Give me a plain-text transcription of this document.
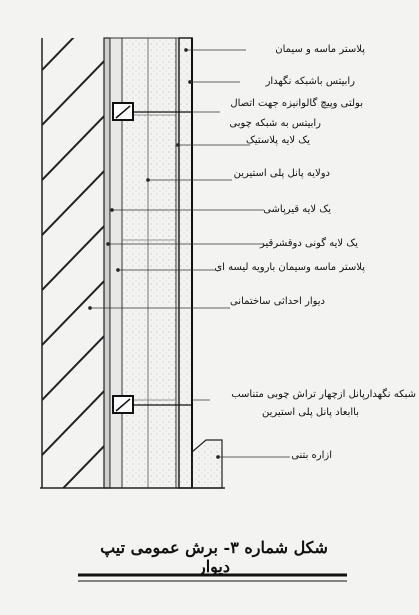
پلاستر ماسه و سیمان
رابیتس باشبکه نگهدار
بولتی وپیچ گالوانیزه جهت اتصال
رابیتس به شبکه چوبی
یک لایه پلاستیک
دولایه پانل پلی استیرین
یک لایه قیرپاشی
یک لایه گونی دوقشرقیر
پلاستر ماسه وسیمان بارویه لیسه ای
دیوار احداثی ساختمانی
شبکه نگهدارپانل ازچهار تراش چوبی متناسب
باابعاد پانل پلی استیرین
ازاره بتنی
شکل شماره ۳- برش عمومی تیپ دیوار
